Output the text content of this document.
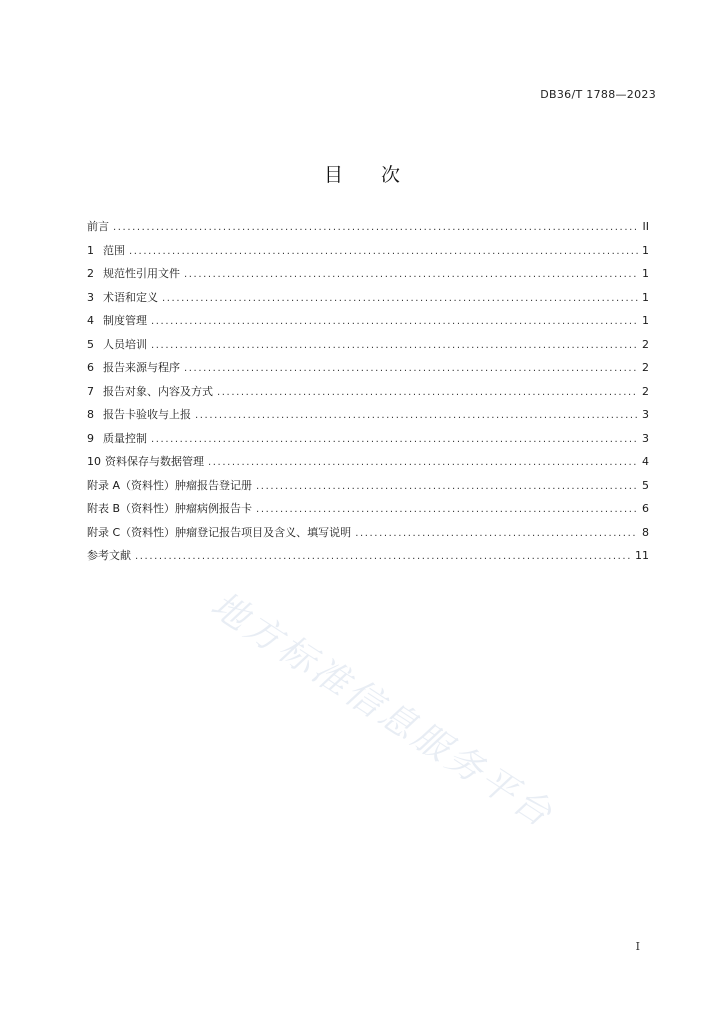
DB36/T 1788—2023
目 次
前言 .....	II
1 范围 .....	1
2 规范性引用文件 .....	1
3 术语和定义 .....	1
4 制度管理 .....	1
5 人员培训 .....	2
6 报告来源与程序 .....	2
7 报告对象、内容及方式 .....	2
8 报告卡验收与上报 .....	3
9 质量控制 .....	3
10 资料保存与数据管理 .....	4
附录 A（资料性）肿瘤报告登记册 .....	5
附表 B（资料性）肿瘤病例报告卡 .....	6
附录 C（资料性）肿瘤登记报告项目及含义、填写说明 .....	8
参考文献 .....	11
地方标准信息服务平台
I
